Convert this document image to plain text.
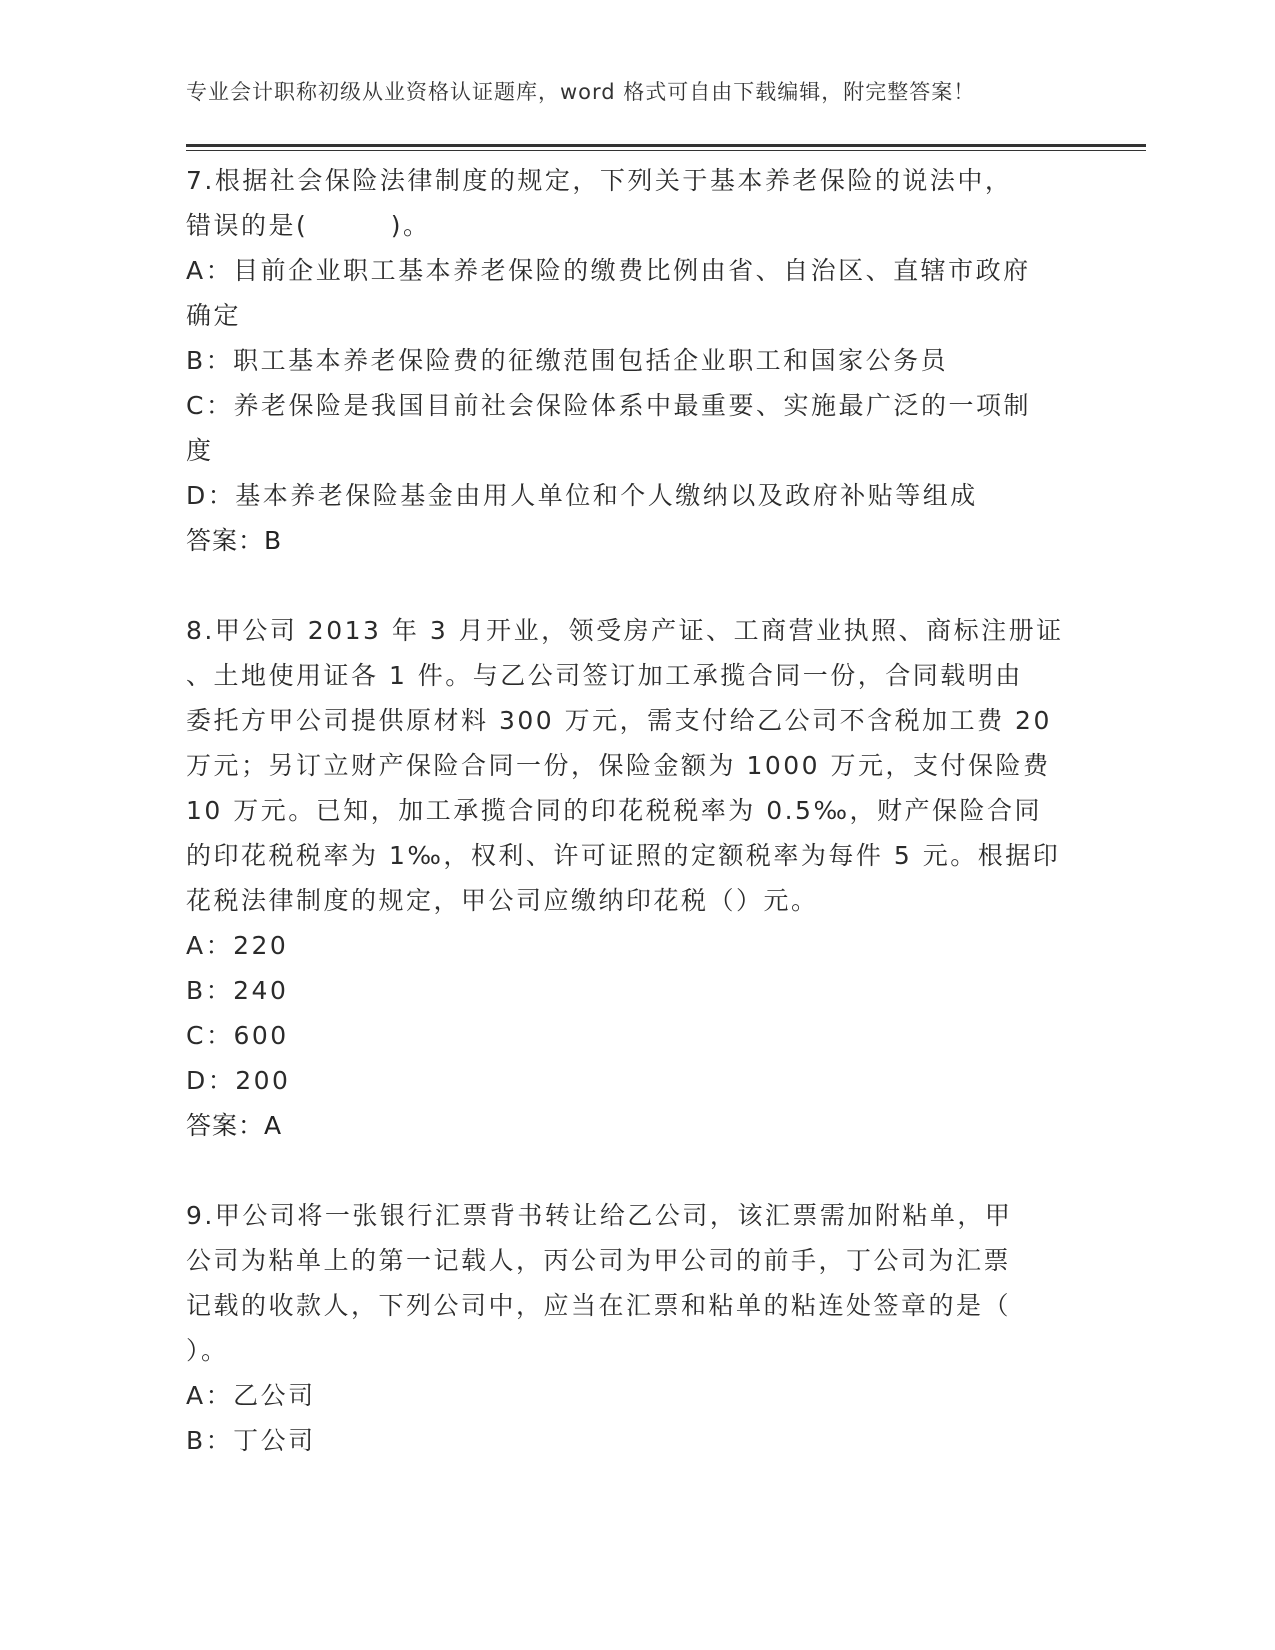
专业会计职称初级从业资格认证题库，word 格式可自由下载编辑，附完整答案！

7.根据社会保险法律制度的规定，下列关于基本养老保险的说法中，

错误的是(　　　)。

A：目前企业职工基本养老保险的缴费比例由省、自治区、直辖市政府

确定

B：职工基本养老保险费的征缴范围包括企业职工和国家公务员

C：养老保险是我国目前社会保险体系中最重要、实施最广泛的一项制

度

D：基本养老保险基金由用人单位和个人缴纳以及政府补贴等组成

答案：B

8.甲公司 2013 年 3 月开业，领受房产证、工商营业执照、商标注册证

、土地使用证各 1 件。与乙公司签订加工承揽合同一份，合同载明由

委托方甲公司提供原材料 300 万元，需支付给乙公司不含税加工费 20

万元；另订立财产保险合同一份，保险金额为 1000 万元，支付保险费

10 万元。已知，加工承揽合同的印花税税率为 0.5‰，财产保险合同

的印花税税率为 1‰，权利、许可证照的定额税率为每件 5 元。根据印

花税法律制度的规定，甲公司应缴纳印花税（）元。

A：220

B：240

C：600

D：200

答案：A

9.甲公司将一张银行汇票背书转让给乙公司，该汇票需加附粘单，甲

公司为粘单上的第一记载人，丙公司为甲公司的前手，丁公司为汇票

记载的收款人，下列公司中，应当在汇票和粘单的粘连处签章的是（

）。

A：乙公司

B：丁公司
